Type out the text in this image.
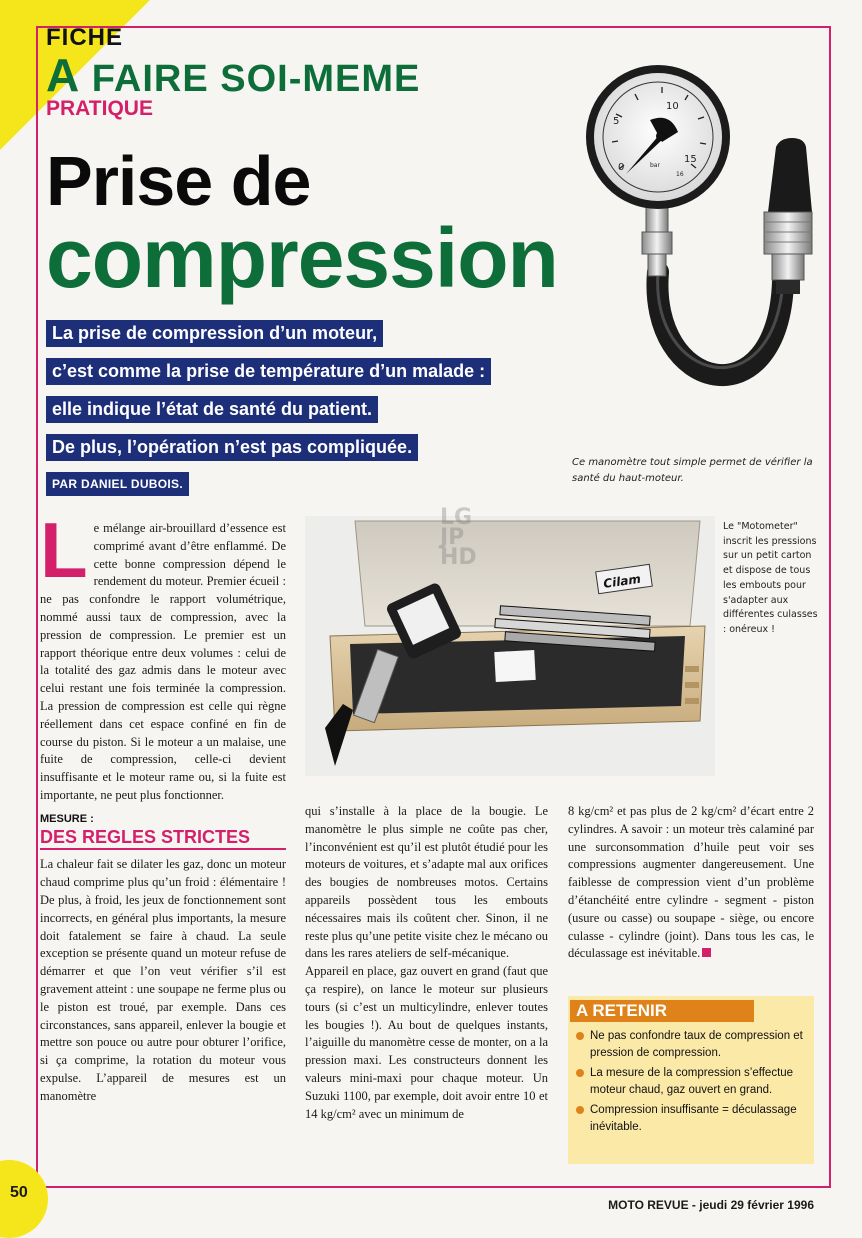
FICHE
A FAIRE SOI-MEME
PRATIQUE
Prise de
compression
La prise de compression d’un moteur,
c’est comme la prise de température d’un malade :
elle indique l’état de santé du patient.
De plus, l’opération n’est pas compliquée.
PAR DANIEL DUBOIS.
5
10
15
0	bar
16
Ce manomètre tout simple permet de vérifier la santé du haut-moteur.
Cilam
LG
JP
HD
Le "Motometer" inscrit les pressions sur un petit carton et dispose de tous les embouts pour s'adapter aux différentes culasses : onéreux !

L e mélange air-brouillard d’essence est comprimé avant d’être enflammé. De cette bonne compression dépend le rendement du moteur. Premier écueil : ne pas confondre le rapport volumétrique, nommé aussi taux de compression, avec la pression de compression. Le premier est un rapport théorique entre deux volumes : celui de la totalité des gaz admis dans le moteur avec celui restant une fois terminée la compression. La pression de compression est celle qui règne réellement dans cet espace confiné en fin de course du piston. Si le moteur a un malaise, une fuite de compression, celle-ci devient insuffisante et le moteur rame ou, si la fuite est importante, ne peut plus fonctionner.

MESURE :
DES REGLES STRICTES

La chaleur fait se dilater les gaz, donc un moteur chaud comprime plus qu’un froid : élémentaire ! De plus, à froid, les jeux de fonctionnement sont incorrects, en général plus importants, la mesure doit fatalement se faire à chaud. La seule exception se présente quand un moteur refuse de démarrer et que l’on veut vérifier s’il est gravement atteint : une soupape ne ferme plus ou le piston est troué, par exemple. Dans ces circonstances, sans appareil, enlever la bougie et mettre son pouce ou autre pour obturer l’orifice, si ça comprime, la rotation du moteur vous expulse. L’appareil de mesures est un manomètre

qui s’installe à la place de la bougie. Le manomètre le plus simple ne coûte pas cher, l’inconvénient est qu’il est plutôt étudié pour les moteurs de voitures, et s’adapte mal aux orifices des bougies de nombreuses motos. Certains appareils possèdent tous les embouts nécessaires mais ils coûtent cher. Sinon, il ne reste plus qu’une petite visite chez le mécano ou dans les rares ateliers de self-mécanique.

Appareil en place, gaz ouvert en grand (faut que ça respire), on lance le moteur sur plusieurs tours (si c’est un multicylindre, enlever toutes les bougies !). Au bout de quelques instants, l’aiguille du manomètre cesse de monter, on a la pression maxi. Les constructeurs donnent les valeurs mini-maxi pour chaque moteur. Un Suzuki 1100, par exemple, doit avoir entre 10 et 14 kg/cm² avec un minimum de

8 kg/cm² et pas plus de 2 kg/cm² d’écart entre 2 cylindres. A savoir : un moteur très calaminé par une surconsommation d’huile peut voir ses compressions augmenter dangereusement. Une faiblesse de compression vient d’un problème d’étanchéité entre cylindre - segment - piston (usure ou casse) ou soupape - siège, ou encore culasse - cylindre (joint). Dans tous les cas, le déculassage est inévitable.

A RETENIR
Ne pas confondre taux de compression et pression de compression.
La mesure de la compression s’effectue moteur chaud, gaz ouvert en grand.
Compression insuffisante = déculassage inévitable.
50
MOTO REVUE - jeudi 29 février 1996
